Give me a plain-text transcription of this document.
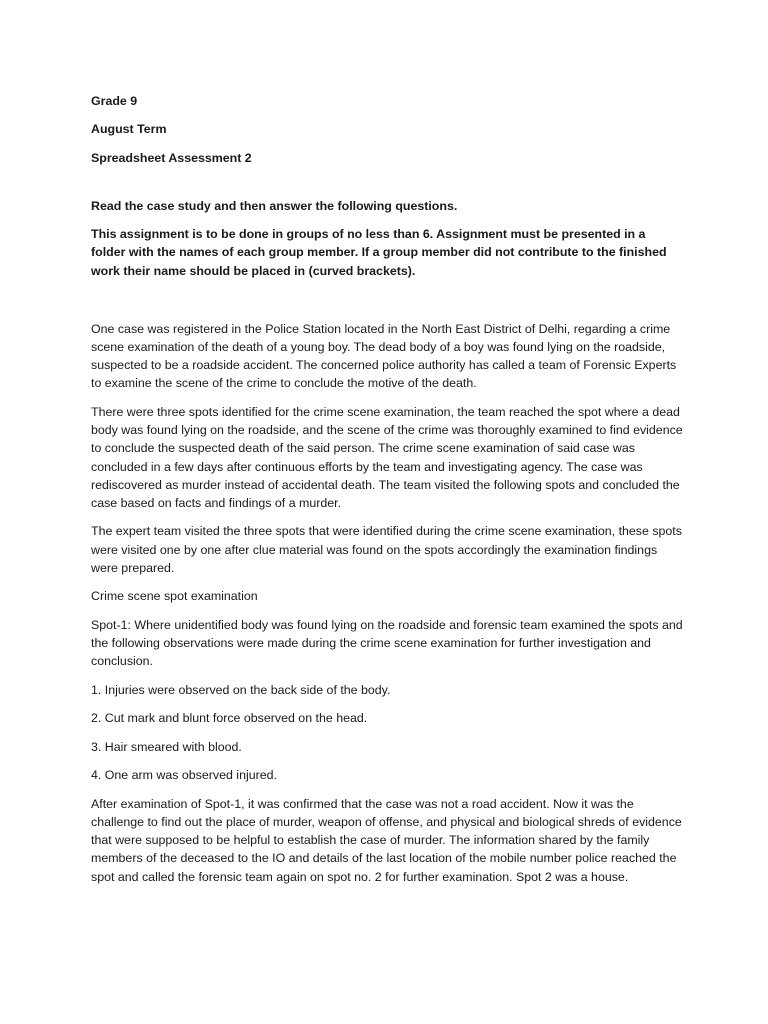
Grade 9

August Term

Spreadsheet Assessment 2

Read the case study and then answer the following questions.

This assignment is to be done in groups of no less than 6. Assignment must be presented in a folder with the names of each group member. If a group member did not contribute to the finished work their name should be placed in (curved brackets).

One case was registered in the Police Station located in the North East District of Delhi, regarding a crime scene examination of the death of a young boy. The dead body of a boy was found lying on the roadside, suspected to be a roadside accident. The concerned police authority has called a team of Forensic Experts to examine the scene of the crime to conclude the motive of the death.

There were three spots identified for the crime scene examination, the team reached the spot where a dead body was found lying on the roadside, and the scene of the crime was thoroughly examined to find evidence to conclude the suspected death of the said person. The crime scene examination of said case was concluded in a few days after continuous efforts by the team and investigating agency. The case was rediscovered as murder instead of accidental death. The team visited the following spots and concluded the case based on facts and findings of a murder.

The expert team visited the three spots that were identified during the crime scene examination, these spots were visited one by one after clue material was found on the spots accordingly the examination findings were prepared.

Crime scene spot examination

Spot-1: Where unidentified body was found lying on the roadside and forensic team examined the spots and the following observations were made during the crime scene examination for further investigation and conclusion.

1. Injuries were observed on the back side of the body.

2. Cut mark and blunt force observed on the head.

3. Hair smeared with blood.

4. One arm was observed injured.

After examination of Spot-1, it was confirmed that the case was not a road accident. Now it was the challenge to find out the place of murder, weapon of offense, and physical and biological shreds of evidence that were supposed to be helpful to establish the case of murder. The information shared by the family members of the deceased to the IO and details of the last location of the mobile number police reached the spot and called the forensic team again on spot no. 2 for further examination. Spot 2 was a house.
